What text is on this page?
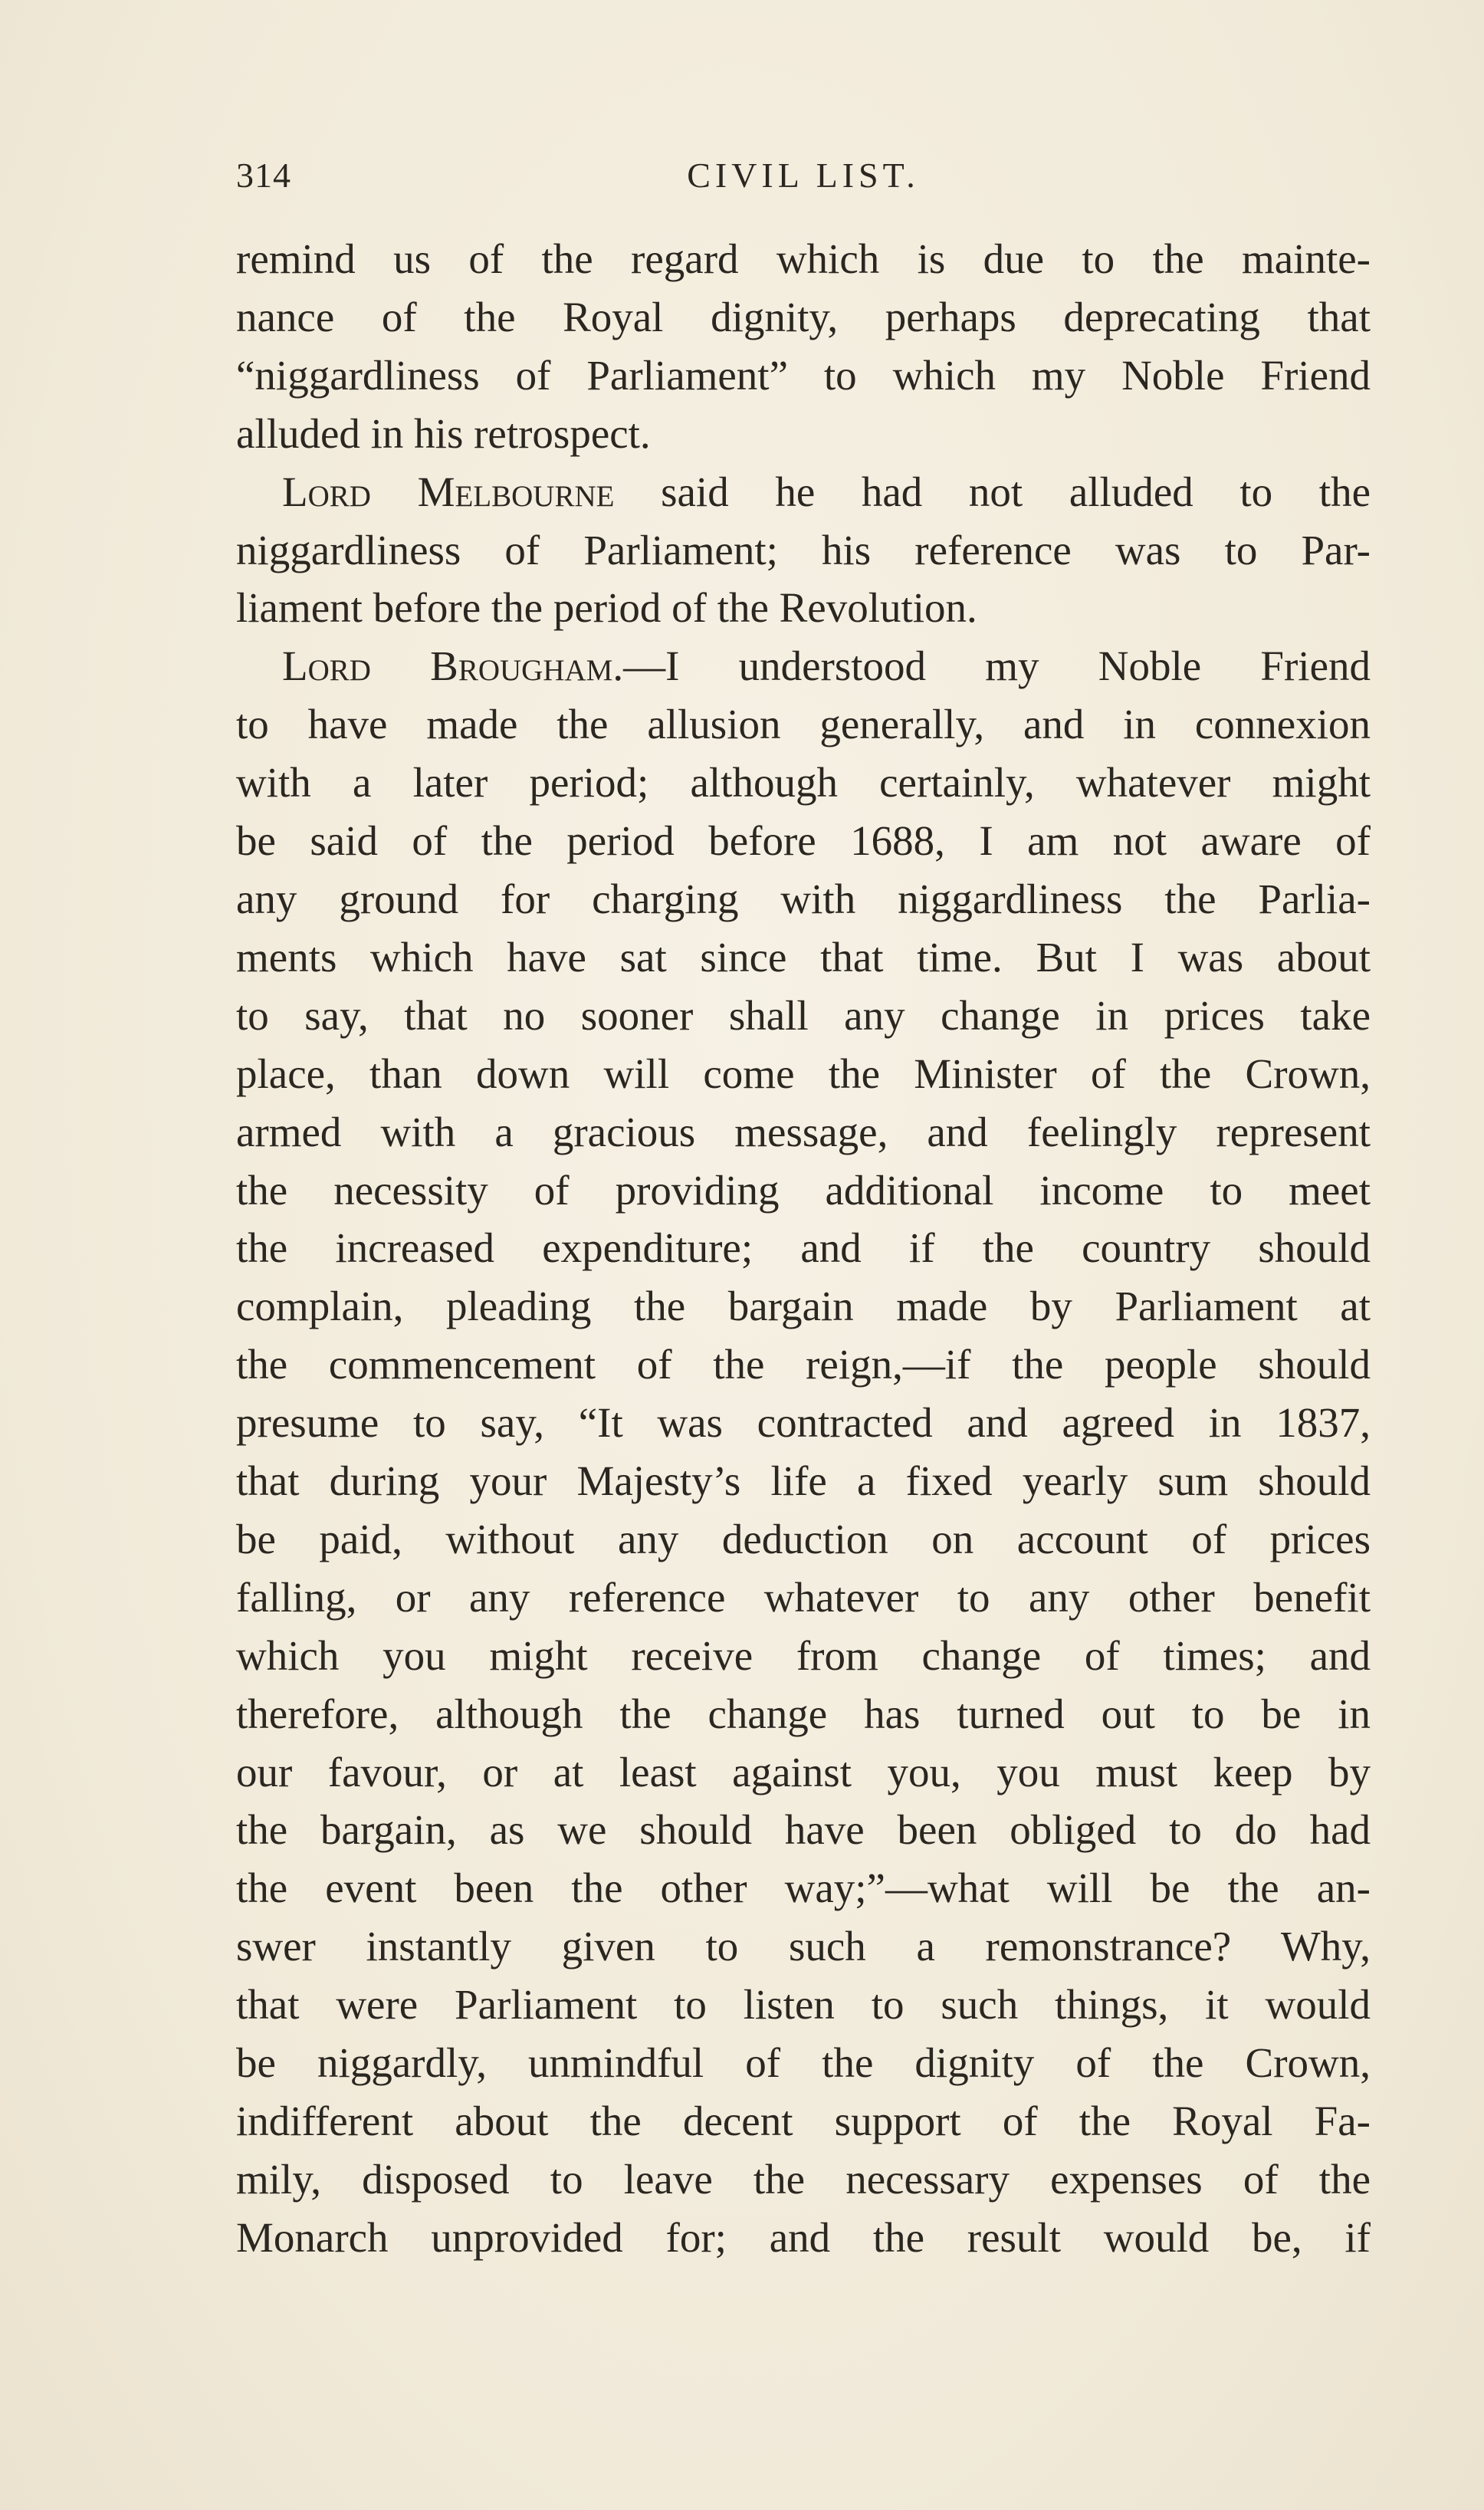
314	CIVIL LIST.
remind us of the regard which is due to the mainte-
nance of the Royal dignity, perhaps deprecating that
“niggardliness of Parliament” to which my Noble Friend
alluded in his retrospect.
Lord Melbourne said he had not alluded to the
niggardliness of Parliament; his reference was to Par-
liament before the period of the Revolution.
Lord Brougham.—I understood my Noble Friend
to have made the allusion generally, and in connexion
with a later period; although certainly, whatever might
be said of the period before 1688, I am not aware of
any ground for charging with niggardliness the Parlia-
ments which have sat since that time. But I was about
to say, that no sooner shall any change in prices take
place, than down will come the Minister of the Crown,
armed with a gracious message, and feelingly represent
the necessity of providing additional income to meet
the increased expenditure; and if the country should
complain, pleading the bargain made by Parliament at
the commencement of the reign,—if the people should
presume to say, “It was contracted and agreed in 1837,
that during your Majesty’s life a fixed yearly sum should
be paid, without any deduction on account of prices
falling, or any reference whatever to any other benefit
which you might receive from change of times; and
therefore, although the change has turned out to be in
our favour, or at least against you, you must keep by
the bargain, as we should have been obliged to do had
the event been the other way;”—what will be the an-
swer instantly given to such a remonstrance? Why,
that were Parliament to listen to such things, it would
be niggardly, unmindful of the dignity of the Crown,
indifferent about the decent support of the Royal Fa-
mily, disposed to leave the necessary expenses of the
Monarch unprovided for; and the result would be, if
